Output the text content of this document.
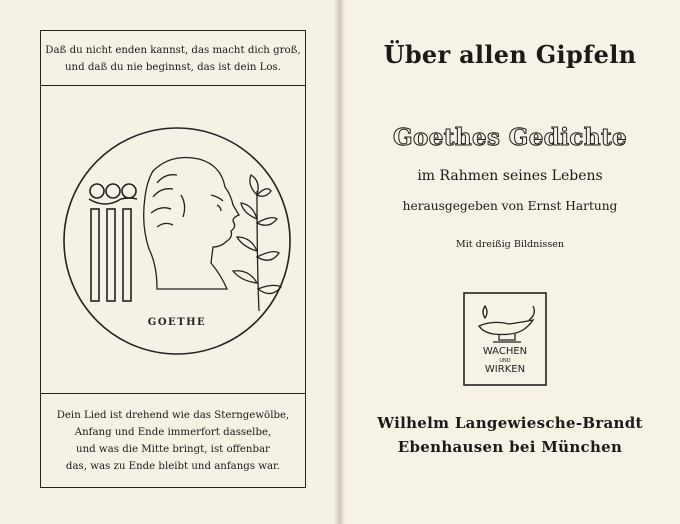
Daß du nicht enden kannst, das macht dich groß,
und daß du nie beginnst, das ist dein Los.
GOETHE
Dein Lied ist drehend wie das Sterngewölbe,
Anfang und Ende immerfort dasselbe,
und was die Mitte bringt, ist offenbar
das, was zu Ende bleibt und anfangs war.
Über allen Gipfeln
Goethes Gedichte
im Rahmen seines Lebens
herausgegeben von Ernst Hartung
Mit dreißig Bildnissen
Wilhelm Langewiesche-Brandt
Ebenhausen bei München
WACHEN
UND
WIRKEN
